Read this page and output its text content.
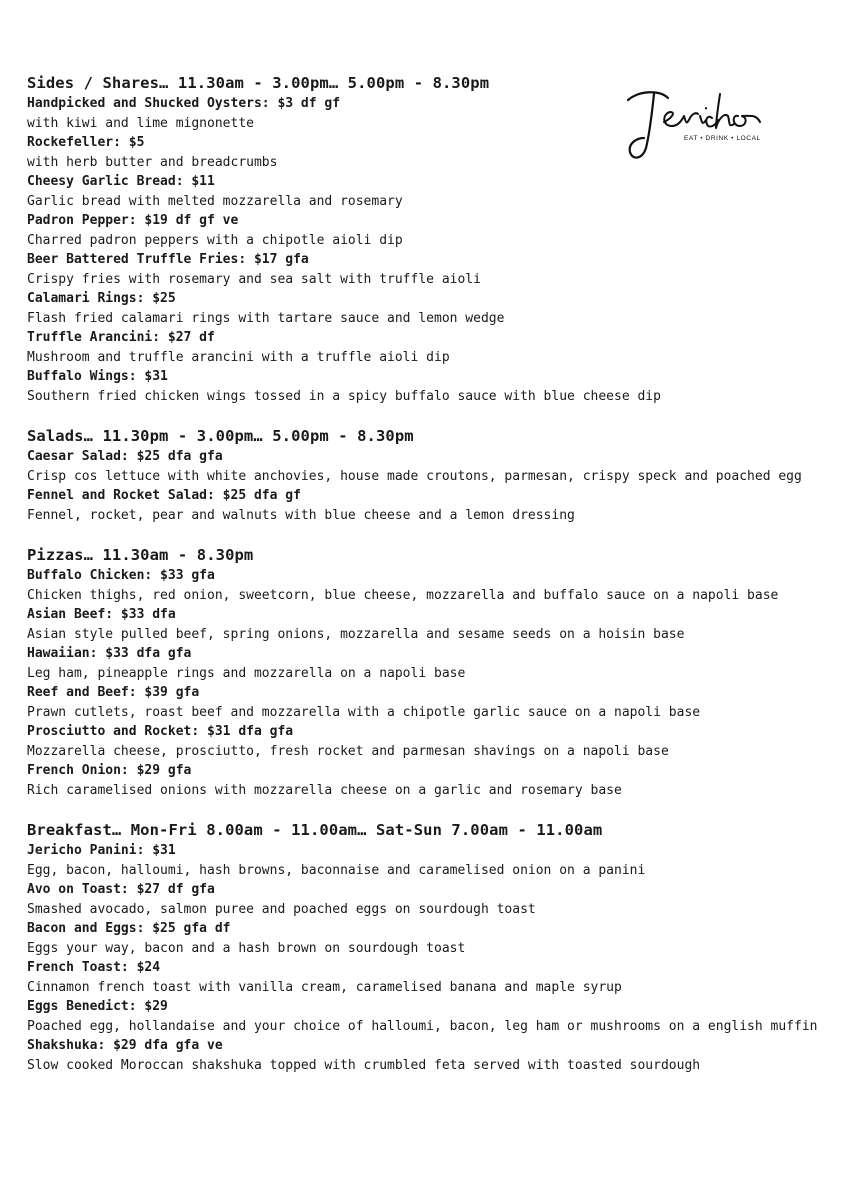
EAT • DRINK • LOCAL
Sides / Shares… 11.30am - 3.00pm… 5.00pm - 8.30pm
Handpicked and Shucked Oysters: $3 df gf
with kiwi and lime mignonette
Rockefeller: $5
with herb butter and breadcrumbs
Cheesy Garlic Bread: $11
Garlic bread with melted mozzarella and rosemary
Padron Pepper: $19 df gf ve
Charred padron peppers with a chipotle aioli dip
Beer Battered Truffle Fries: $17 gfa
Crispy fries with rosemary and sea salt with truffle aioli
Calamari Rings: $25
Flash fried calamari rings with tartare sauce and lemon wedge
Truffle Arancini: $27 df
Mushroom and truffle arancini with a truffle aioli dip
Buffalo Wings: $31
Southern fried chicken wings tossed in a spicy buffalo sauce with blue cheese dip
Salads… 11.30pm - 3.00pm… 5.00pm - 8.30pm
Caesar Salad: $25 dfa gfa
Crisp cos lettuce with white anchovies, house made croutons, parmesan, crispy speck and poached egg
Fennel and Rocket Salad: $25 dfa gf
Fennel, rocket, pear and walnuts with blue cheese and a lemon dressing
Pizzas… 11.30am - 8.30pm
Buffalo Chicken: $33 gfa
Chicken thighs, red onion, sweetcorn, blue cheese, mozzarella and buffalo sauce on a napoli base
Asian Beef: $33 dfa
Asian style pulled beef, spring onions, mozzarella and sesame seeds on a hoisin base
Hawaiian: $33 dfa gfa
Leg ham, pineapple rings and mozzarella on a napoli base
Reef and Beef: $39 gfa
Prawn cutlets, roast beef and mozzarella with a chipotle garlic sauce on a napoli base
Prosciutto and Rocket: $31 dfa gfa
Mozzarella cheese, prosciutto, fresh rocket and parmesan shavings on a napoli base
French Onion: $29 gfa
Rich caramelised onions with mozzarella cheese on a garlic and rosemary base
Breakfast… Mon-Fri 8.00am - 11.00am… Sat-Sun 7.00am - 11.00am
Jericho Panini: $31
Egg, bacon, halloumi, hash browns, baconnaise and caramelised onion on a panini
Avo on Toast: $27 df gfa
Smashed avocado, salmon puree and poached eggs on sourdough toast
Bacon and Eggs: $25 gfa df
Eggs your way, bacon and a hash brown on sourdough toast
French Toast: $24
Cinnamon french toast with vanilla cream, caramelised banana and maple syrup
Eggs Benedict: $29
Poached egg, hollandaise and your choice of halloumi, bacon, leg ham or mushrooms on a english muffin
Shakshuka: $29 dfa gfa ve
Slow cooked Moroccan shakshuka topped with crumbled feta served with toasted sourdough
